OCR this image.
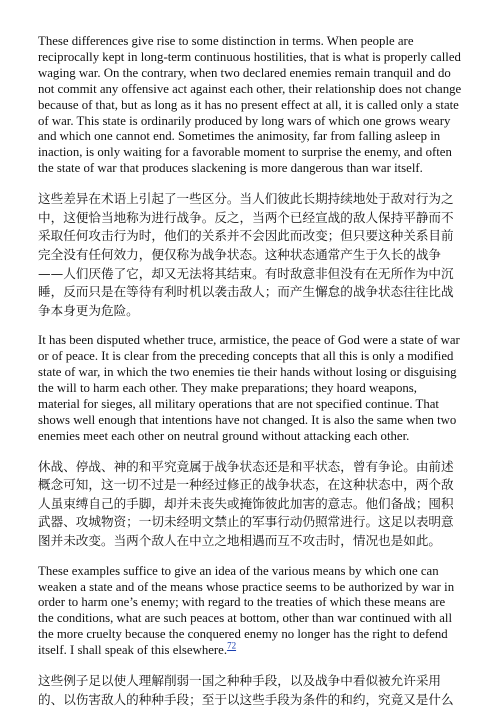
These differences give rise to some distinction in terms. When people are reciprocally kept in long-term continuous hostilities, that is what is properly called waging war. On the contrary, when two declared enemies remain tranquil and do not commit any offensive act against each other, their relationship does not change because of that, but as long as it has no present effect at all, it is called only a state of war. This state is ordinarily produced by long wars of which one grows weary and which one cannot end. Sometimes the animosity, far from falling asleep in inaction, is only waiting for a favorable moment to surprise the enemy, and often the state of war that produces slackening is more dangerous than war itself.

这些差异在术语上引起了一些区分。当人们彼此长期持续地处于敌对行为之中，这便恰当地称为进行战争。反之，当两个已经宣战的敌人保持平静而不采取任何攻击行为时，他们的关系并不会因此而改变；但只要这种关系目前完全没有任何效力，便仅称为战争状态。这种状态通常产生于久长的战争——人们厌倦了它，却又无法将其结束。有时敌意非但没有在无所作为中沉睡，反而只是在等待有利时机以袭击敌人；而产生懈怠的战争状态往往比战争本身更为危险。

It has been disputed whether truce, armistice, the peace of God were a state of war or of peace. It is clear from the preceding concepts that all this is only a modified state of war, in which the two enemies tie their hands without losing or disguising the will to harm each other. They make preparations; they hoard weapons, material for sieges, all military operations that are not specified continue. That shows well enough that intentions have not changed. It is also the same when two enemies meet each other on neutral ground without attacking each other.

休战、停战、神的和平究竟属于战争状态还是和平状态，曾有争论。由前述概念可知，这一切不过是一种经过修正的战争状态，在这种状态中，两个敌人虽束缚自己的手脚，却并未丧失或掩饰彼此加害的意志。他们备战；囤积武器、攻城物资；一切未经明文禁止的军事行动仍照常进行。这足以表明意图并未改变。当两个敌人在中立之地相遇而互不攻击时，情况也是如此。

These examples suffice to give an idea of the various means by which one can weaken a state and of the means whose practice seems to be authorized by war in order to harm one’s enemy; with regard to the treaties of which these means are the conditions, what are such peaces at bottom, other than war continued with all the more cruelty because the conquered enemy no longer has the right to defend itself. I shall speak of this elsewhere.$^{72}$

这些例子足以使人理解削弱一国之种种手段，以及战争中看似被允许采用的、以伤害敌人的种种手段；至于以这些手段为条件的和约，究竟又是什么
